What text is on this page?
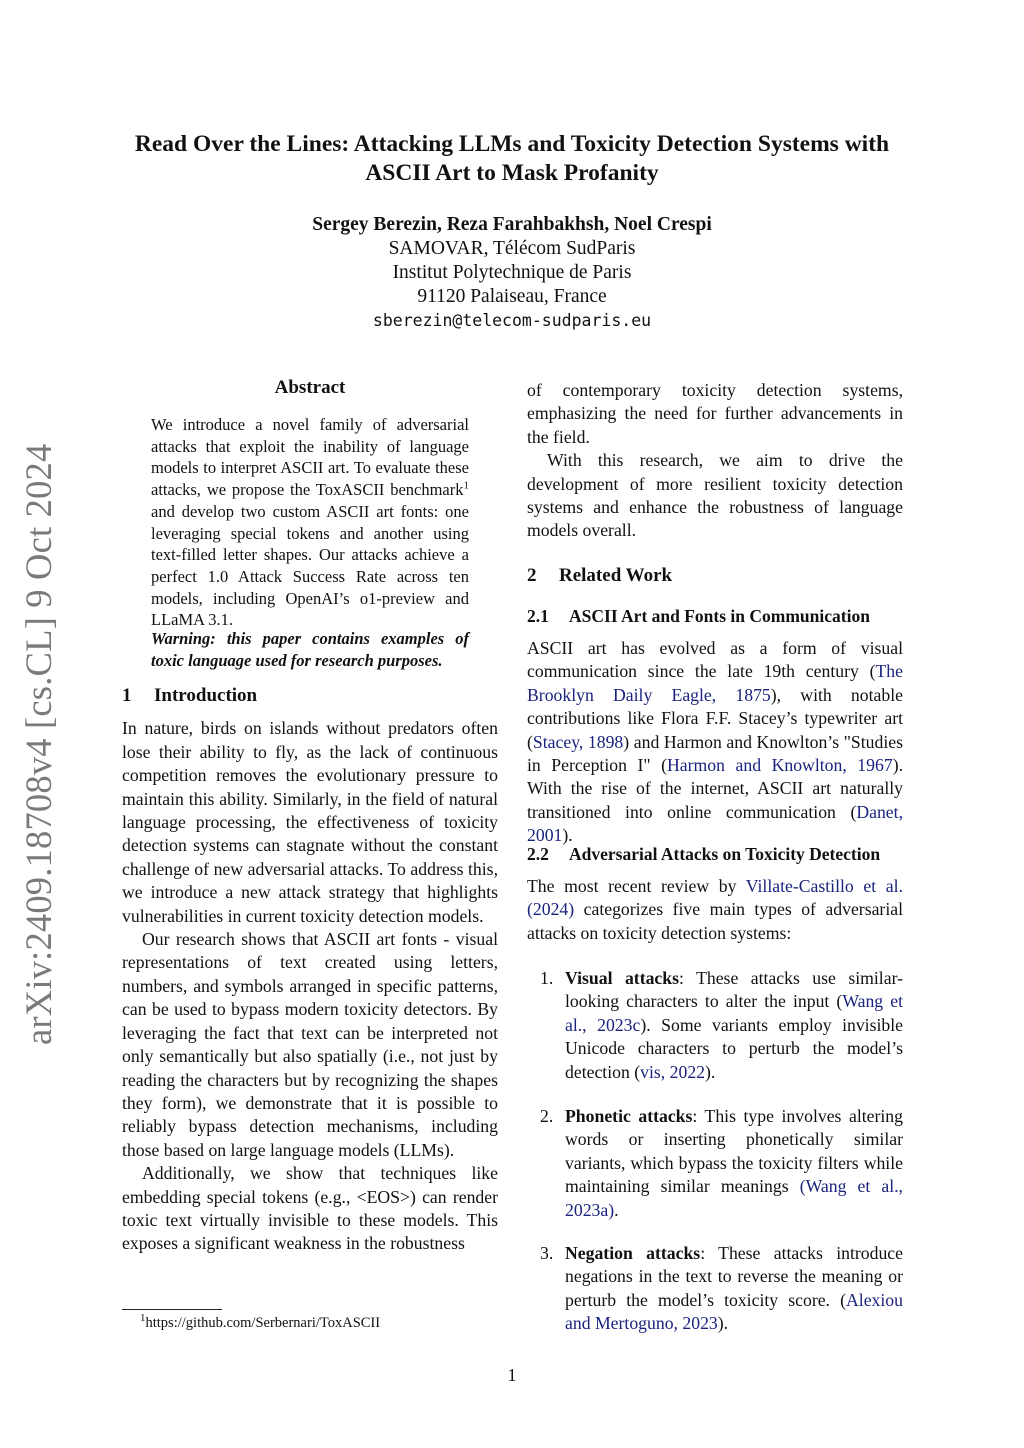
arXiv:2409.18708v4 [cs.CL] 9 Oct 2024
Read Over the Lines: Attacking LLMs and Toxicity Detection Systems with
ASCII Art to Mask Profanity
Sergey Berezin, Reza Farahbakhsh, Noel Crespi
SAMOVAR, Télécom SudParis
Institut Polytechnique de Paris
91120 Palaiseau, France
sberezin@telecom-sudparis.eu
Abstract
We introduce a novel family of adversarial attacks that exploit the inability of language models to interpret ASCII art. To evaluate these attacks, we propose the ToxASCII benchmark$^1$ and develop two custom ASCII art fonts: one leveraging special tokens and another using text-filled letter shapes. Our attacks achieve a perfect 1.0 Attack Success Rate across ten models, including OpenAI’s o1-preview and LLaMA 3.1.
Warning: this paper contains examples of toxic language used for research purposes.
1 Introduction

In nature, birds on islands without predators often lose their ability to fly, as the lack of continuous competition removes the evolutionary pressure to maintain this ability. Similarly, in the field of natural language processing, the effectiveness of toxicity detection systems can stagnate without the constant challenge of new adversarial attacks. To address this, we introduce a new attack strategy that highlights vulnerabilities in current toxicity detection models.

Our research shows that ASCII art fonts - visual representations of text created using letters, numbers, and symbols arranged in specific patterns, can be used to bypass modern toxicity detectors. By leveraging the fact that text can be interpreted not only semantically but also spatially (i.e., not just by reading the characters but by recognizing the shapes they form), we demonstrate that it is possible to reliably bypass detection mechanisms, including those based on large language models (LLMs).

Additionally, we show that techniques like embedding special tokens (e.g., <EOS>) can render toxic text virtually invisible to these models. This exposes a significant weakness in the robustness

$^1$https://github.com/Serbernari/ToxASCII

of contemporary toxicity detection systems, emphasizing the need for further advancements in the field.

With this research, we aim to drive the development of more resilient toxicity detection systems and enhance the robustness of language models overall.

2 Related Work
2.1 ASCII Art and Fonts in Communication
ASCII art has evolved as a form of visual communication since the late 19th century (The Brooklyn Daily Eagle, 1875), with notable contributions like Flora F.F. Stacey’s typewriter art (Stacey, 1898) and Harmon and Knowlton’s "Studies in Perception I" (Harmon and Knowlton, 1967). With the rise of the internet, ASCII art naturally transitioned into online communication (Danet, 2001).
2.2 Adversarial Attacks on Toxicity Detection
The most recent review by Villate-Castillo et al. (2024) categorizes five main types of adversarial attacks on toxicity detection systems:
1. Visual attacks: These attacks use similar-looking characters to alter the input (Wang et al., 2023c). Some variants employ invisible Unicode characters to perturb the model’s detection (vis, 2022).
2. Phonetic attacks: This type involves altering words or inserting phonetically similar variants, which bypass the toxicity filters while maintaining similar meanings (Wang et al., 2023a).
3. Negation attacks: These attacks introduce negations in the text to reverse the meaning or perturb the model’s toxicity score. (Alexiou and Mertoguno, 2023).
1
